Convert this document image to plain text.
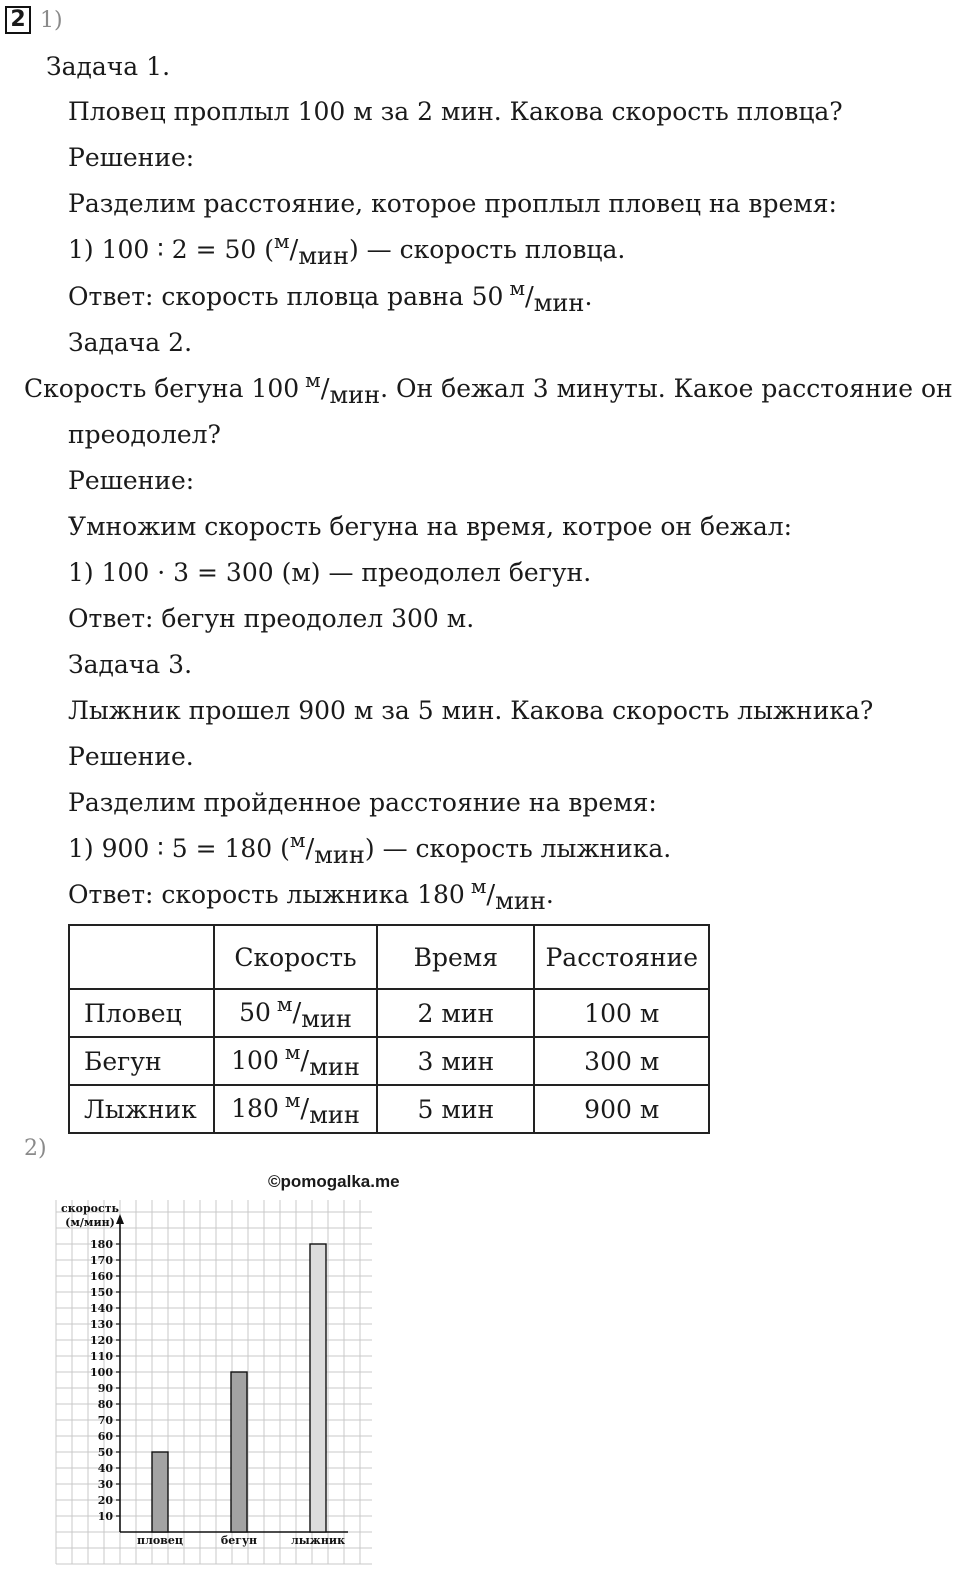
2 1)
Задача 1.
Пловец проплыл 100 м за 2 мин. Какова скорость пловца?
Решение:
Разделим расстояние, которое проплыл пловец на время:
1) 100 ∶ 2 = 50 ($^м$/мин) — скорость пловца.
Ответ: скорость пловца равна 50 $^м$/мин.
Задача 2.
Скорость бегуна 100 $^м$/мин. Он бежал 3 минуты. Какое расстояние он
преодолел?
Решение:
Умножим скорость бегуна на время, котрое он бежал:
1) 100 · 3 = 300 (м) — преодолел бегун.
Ответ: бегун преодолел 300 м.
Задача 3.
Лыжник прошел 900 м за 5 мин. Какова скорость лыжника?
Решение.
Разделим пройденное расстояние на время:
1) 900 ∶ 5 = 180 ($^м$/мин) — скорость лыжника.
Ответ: скорость лыжника 180 $^м$/мин.
	Скорость	Время	Расстояние
Пловец	50 $^м$/мин	2 мин	100 м
Бегун	100 $^м$/мин	3 мин	300 м
Лыжник	180 $^м$/мин	5 мин	900 м
2)
©pomogalka.me
скорость
(м/мин)
10
20
30
40
50
60
70
80
90
100
110
120
130
140
150
160
170
180
пловец	бегун	лыжник
